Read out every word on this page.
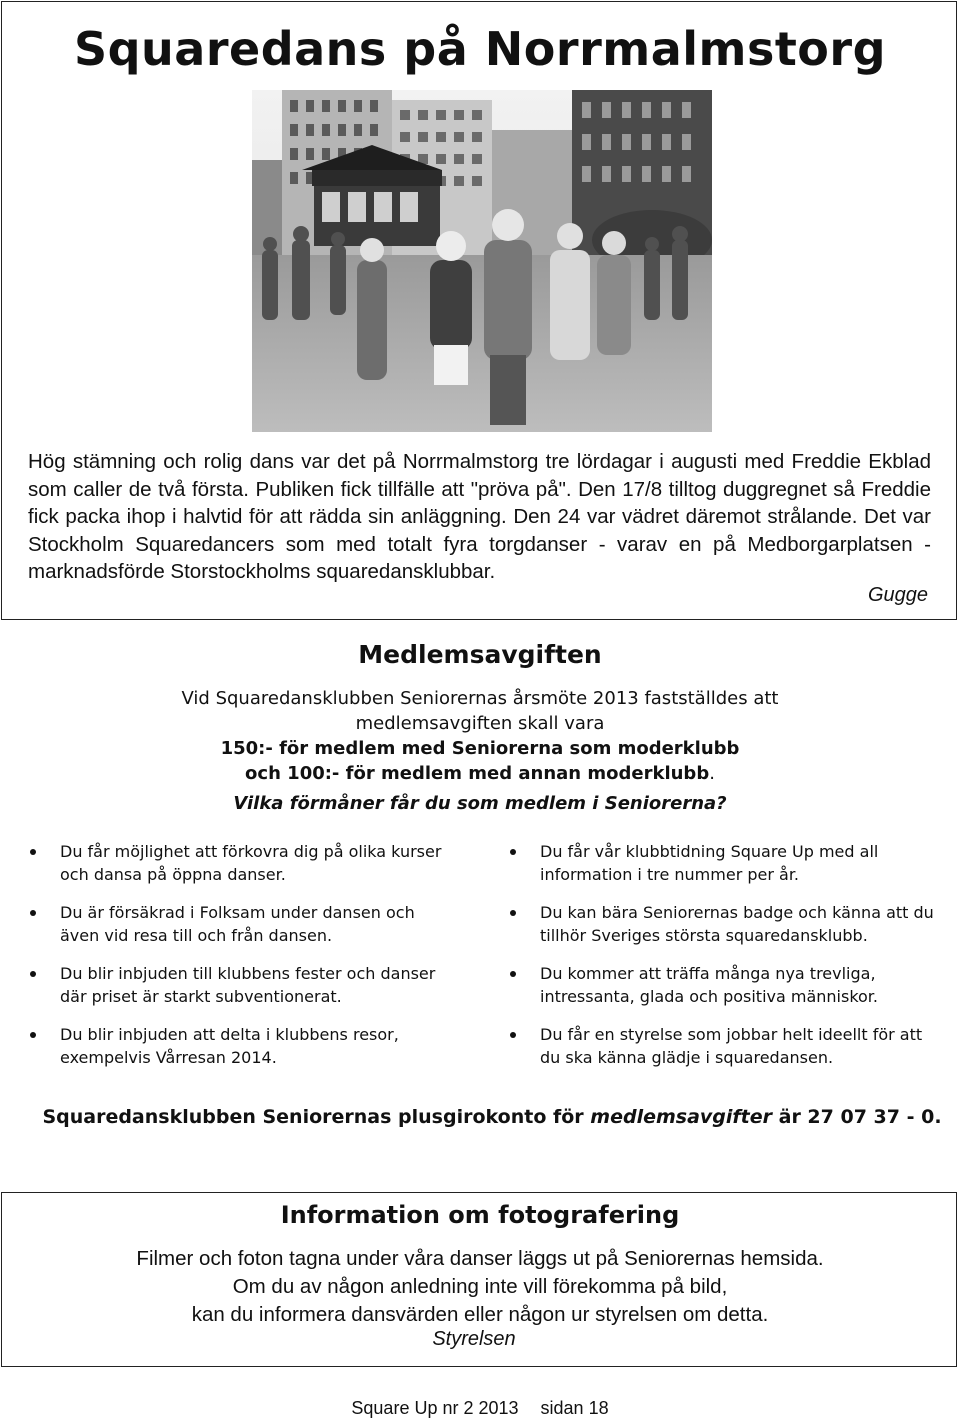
Squaredans på Norrmalmstorg
Hög stämning och rolig dans var det på Norrmalmstorg tre lördagar i augusti med Freddie Ekblad som caller de två första. Publiken fick tillfälle att "pröva på". Den 17/8 tilltog duggregnet så Freddie fick packa ihop i halvtid för att rädda sin anläggning. Den 24 var vädret däremot strålande. Det var Stockholm Squaredancers som med totalt fyra torgdanser - varav en på Medborgarplatsen - marknadsförde Storstockholms squaredansklubbar.
Gugge
Medlemsavgiften
Vid Squaredansklubben Seniorernas årsmöte 2013 fastställdes att
medlemsavgiften skall vara
150:- för medlem med Seniorerna som moderklubb
och 100:- för medlem med annan moderklubb.
Vilka förmåner får du som medlem i Seniorerna?
Du får möjlighet att förkovra dig på olika kurser och dansa på öppna danser.
Du är försäkrad i Folksam under dansen och även vid resa till och från dansen.
Du blir inbjuden till klubbens fester och danser där priset är starkt subventionerat.
Du blir inbjuden att delta i klubbens resor, exempelvis Vårresan 2014.
Du får vår klubbtidning Square Up med all information i tre nummer per år.
Du kan bära Seniorernas badge och känna att du tillhör Sveriges största squaredansklubb.
Du kommer att träffa många nya trevliga, intressanta, glada och positiva människor.
Du får en styrelse som jobbar helt ideellt för att du ska känna glädje i squaredansen.
Squaredansklubben Seniorernas plusgirokonto för medlemsavgifter är 27 07 37 - 0.
Information om fotografering
Filmer och foton tagna under våra danser läggs ut på Seniorernas hemsida.
Om du av någon anledning inte vill förekomma på bild,
kan du informera dansvärden eller någon ur styrelsen om detta.
Styrelsen
Square Up nr 2 2013 sidan 18
